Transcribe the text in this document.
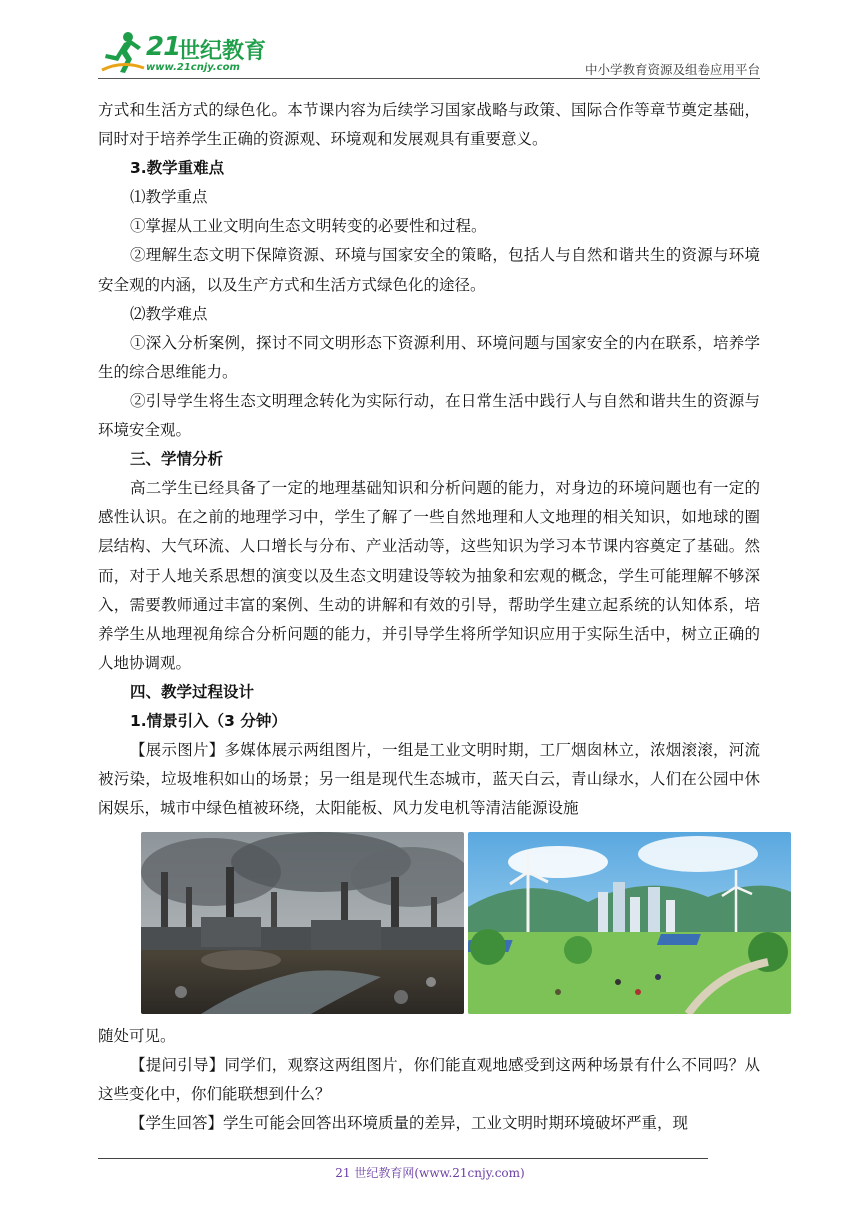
21
世纪教育
www.21cnjy.com	中小学教育资源及组卷应用平台

方式和生活方式的绿色化。本节课内容为后续学习国家战略与政策、国际合作等章节奠定基础，同时对于培养学生正确的资源观、环境观和发展观具有重要意义。

3.教学重难点

⑴教学重点

①掌握从工业文明向生态文明转变的必要性和过程。

②理解生态文明下保障资源、环境与国家安全的策略，包括人与自然和谐共生的资源与环境安全观的内涵，以及生产方式和生活方式绿色化的途径。

⑵教学难点

①深入分析案例，探讨不同文明形态下资源利用、环境问题与国家安全的内在联系，培养学生的综合思维能力。

②引导学生将生态文明理念转化为实际行动，在日常生活中践行人与自然和谐共生的资源与环境安全观。

三、学情分析

高二学生已经具备了一定的地理基础知识和分析问题的能力，对身边的环境问题也有一定的感性认识。在之前的地理学习中，学生了解了一些自然地理和人文地理的相关知识，如地球的圈层结构、大气环流、人口增长与分布、产业活动等，这些知识为学习本节课内容奠定了基础。然而，对于人地关系思想的演变以及生态文明建设等较为抽象和宏观的概念，学生可能理解不够深入，需要教师通过丰富的案例、生动的讲解和有效的引导，帮助学生建立起系统的认知体系，培养学生从地理视角综合分析问题的能力，并引导学生将所学知识应用于实际生活中，树立正确的人地协调观。

四、教学过程设计

1.情景引入（3 分钟）

【展示图片】多媒体展示两组图片，一组是工业文明时期，工厂烟囱林立，浓烟滚滚，河流被污染，垃圾堆积如山的场景；另一组是现代生态城市，蓝天白云，青山绿水，人们在公园中休闲娱乐，城市中绿色植被环绕，太阳能板、风力发电机等清洁能源设施

随处可见。

【提问引导】同学们，观察这两组图片，你们能直观地感受到这两种场景有什么不同吗？从这些变化中，你们能联想到什么？

【学生回答】学生可能会回答出环境质量的差异，工业文明时期环境破坏严重，现

21 世纪教育网(www.21cnjy.com)
